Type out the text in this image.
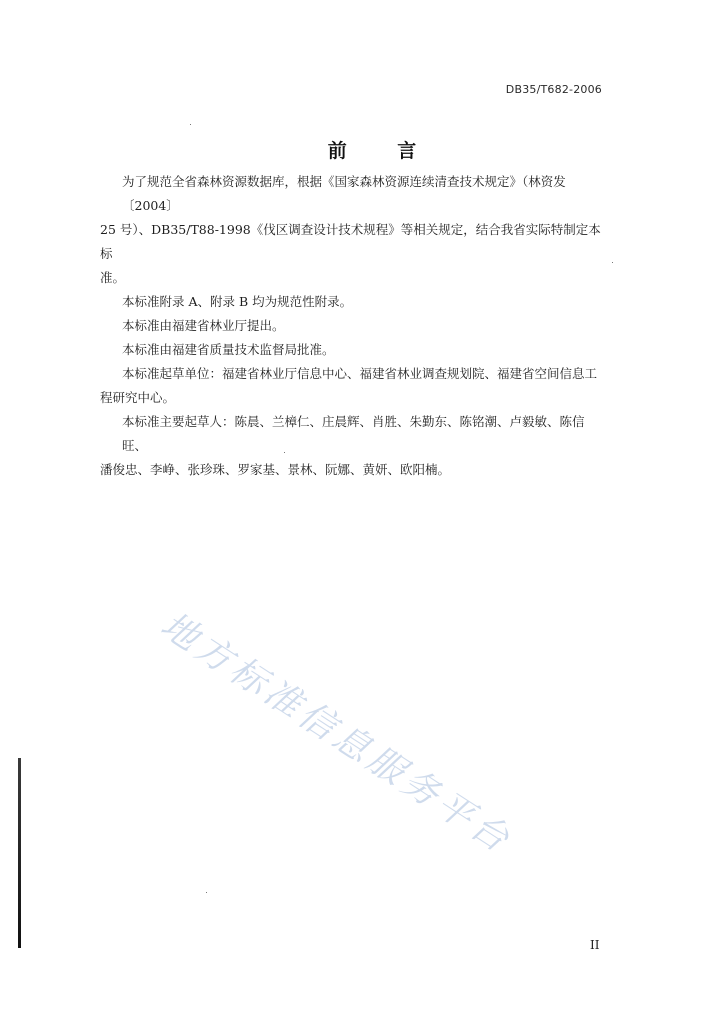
DB35/T682-2006
前 言
为了规范全省森林资源数据库，根据《国家森林资源连续清查技术规定》（林资发〔2004〕
25 号）、DB35/T88-1998《伐区调查设计技术规程》等相关规定，结合我省实际特制定本标
准。
本标准附录 A、附录 B 均为规范性附录。
本标准由福建省林业厅提出。
本标准由福建省质量技术监督局批准。
本标准起草单位：福建省林业厅信息中心、福建省林业调查规划院、福建省空间信息工
程研究中心。
本标准主要起草人：陈晨、兰樟仁、庄晨辉、肖胜、朱勤东、陈铭潮、卢毅敏、陈信旺、
潘俊忠、李峥、张珍珠、罗家基、景林、阮娜、黄妍、欧阳楠。
地方标准信息服务平台
II
